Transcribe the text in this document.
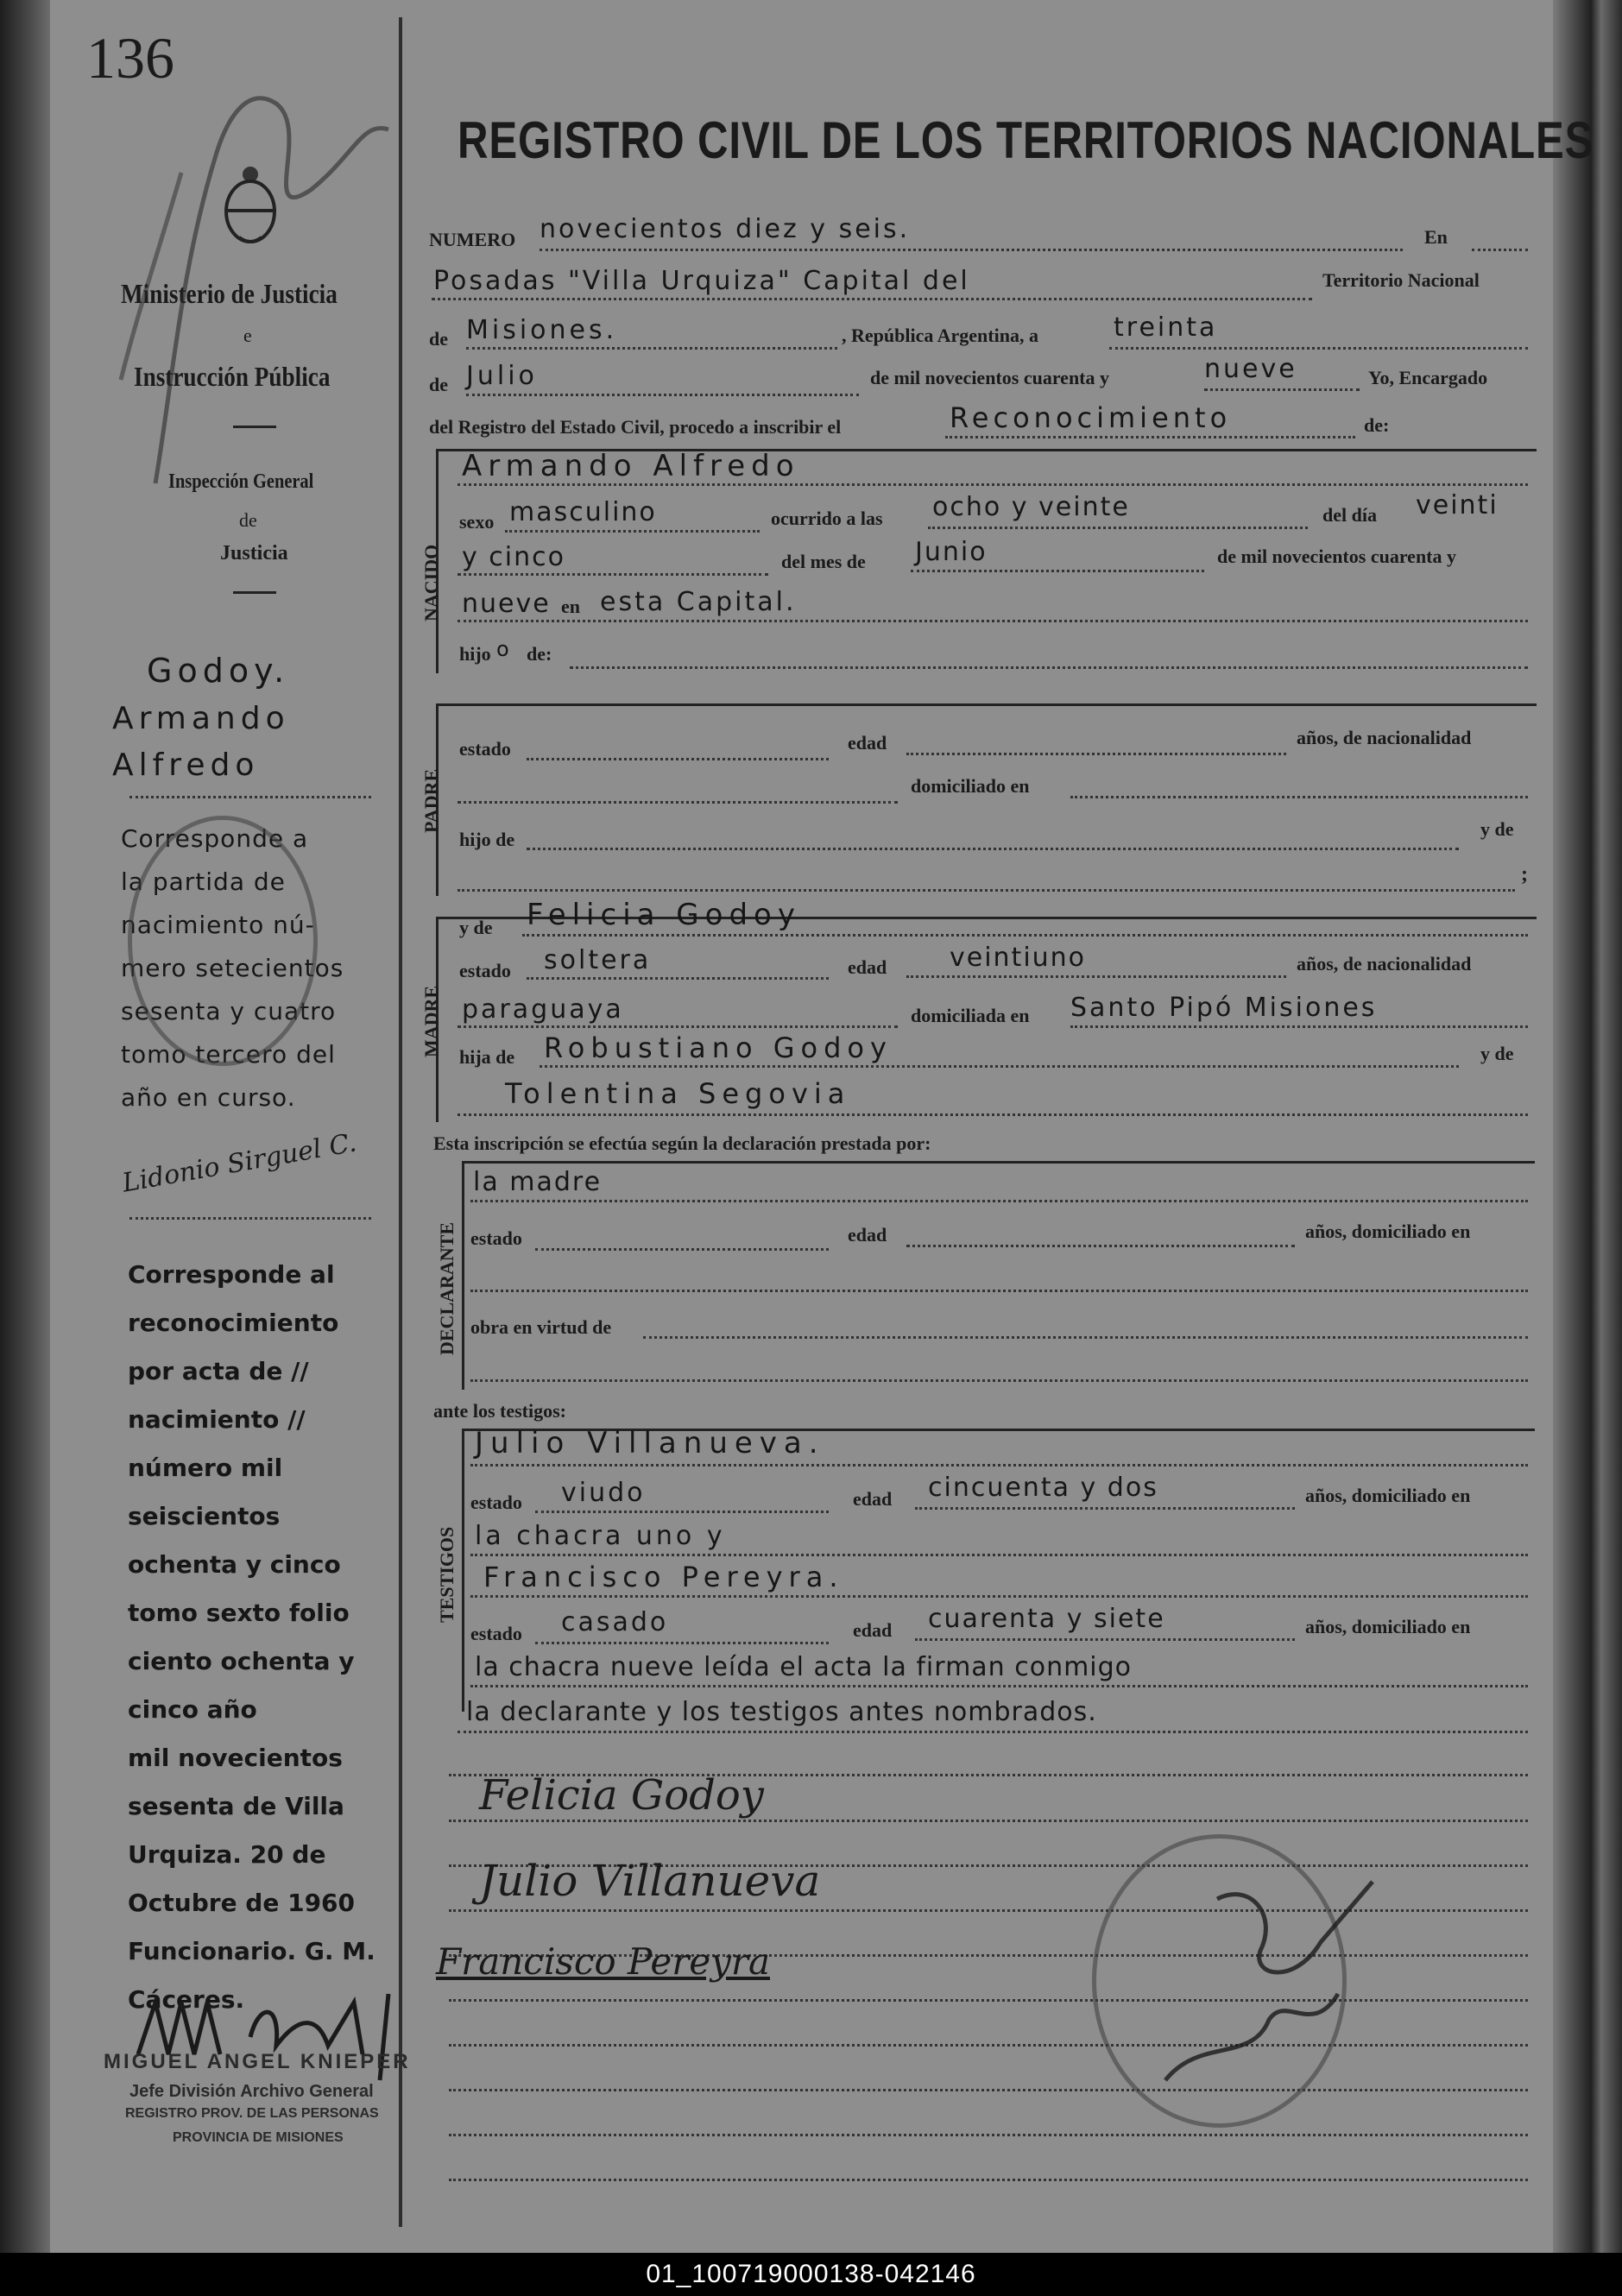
136
Ministerio de Justicia
e
Instrucción Pública
Inspección General
de
Justicia
Godoy.
Armando
Alfredo
Corresponde a
la partida de
nacimiento nú-
mero setecientos
sesenta y cuatro
tomo tercero del
año en curso.
Lidonio Sirguel C.
Corresponde al
reconocimiento
por acta de //
nacimiento //
número mil
seiscientos
ochenta y cinco
tomo sexto folio
ciento ochenta y
cinco año
mil novecientos
sesenta de Villa
Urquiza. 20 de
Octubre de 1960
Funcionario. G. M.
Cáceres.
MIGUEL ANGEL KNIEPER
Jefe División Archivo General
REGISTRO PROV. DE LAS PERSONAS
PROVINCIA DE MISIONES
REGISTRO CIVIL DE LOS TERRITORIOS NACIONALES
NUMERO novecientos diez y seis.	En
Posadas "Villa Urquiza" Capital del	Territorio Nacional
de Misiones.	, República Argentina, a	treinta
de Julio	de mil novecientos cuarenta y	nueve	Yo, Encargado
del Registro del Estado Civil, procedo a inscribir el	Reconocimiento	de:
NACIDO
Armando Alfredo
sexo masculino	ocurrido a las ocho y veinte	del día veinti
y cinco	del mes de Junio	de mil novecientos cuarenta y
nueve en esta Capital.
hijo o de:
PADRE
estado	edad	años, de nacionalidad
domiciliado en
hijo de	y de
;
MADRE
y de Felicia Godoy
estado soltera	edad veintiuno	años, de nacionalidad
paraguaya	domiciliada en Santo Pipó Misiones
hija de Robustiano Godoy	y de
Tolentina Segovia
Esta inscripción se efectúa según la declaración prestada por:
DECLARANTE
la madre
estado	edad	años, domiciliado en
obra en virtud de
ante los testigos:
TESTIGOS
Julio Villanueva.
estado viudo	edad cincuenta y dos	años, domiciliado en
la chacra uno y
Francisco Pereyra.
estado casado	edad cuarenta y siete	años, domiciliado en
la chacra nueve leída el acta la firman conmigo
la declarante y los testigos antes nombrados.
Felicia Godoy
Julio Villanueva
Francisco Pereyra
01_100719000138-042146
